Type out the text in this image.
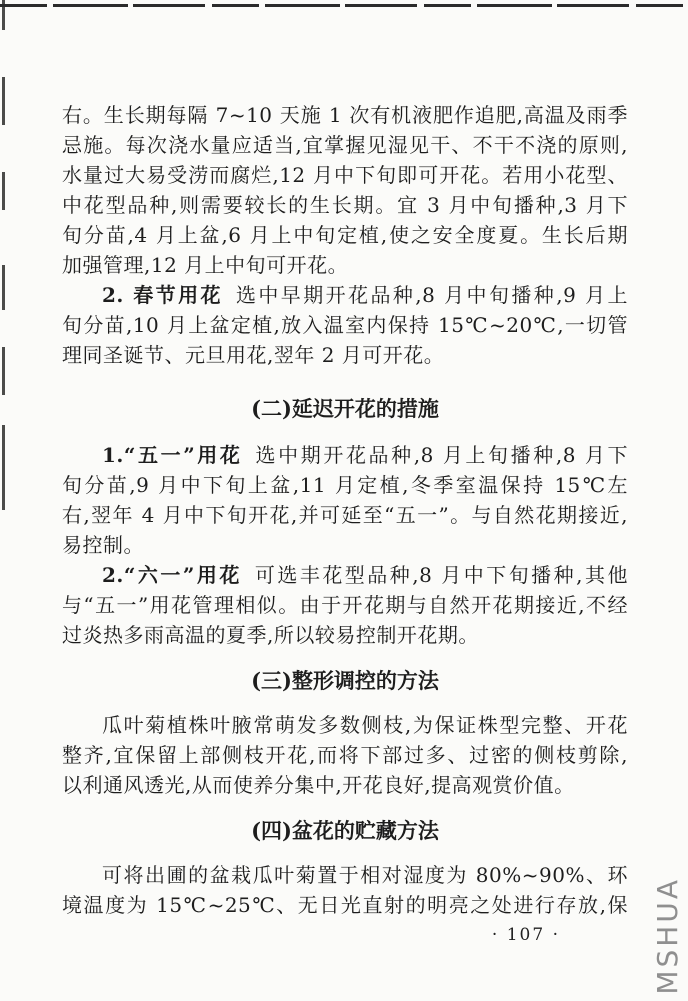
右。生长期每隔 7~10 天施 1 次有机液肥作追肥,高温及雨季
忌施。每次浇水量应适当,宜掌握见湿见干、不干不浇的原则,
水量过大易受涝而腐烂,12 月中下旬即可开花。若用小花型、
中花型品种,则需要较长的生长期。宜 3 月中旬播种,3 月下
旬分苗,4 月上盆,6 月上中旬定植,使之安全度夏。生长后期
加强管理,12 月上中旬可开花。
2. 春节用花 选中早期开花品种,8 月中旬播种,9 月上
旬分苗,10 月上盆定植,放入温室内保持 15℃~20℃,一切管
理同圣诞节、元旦用花,翌年 2 月可开花。
(二)延迟开花的措施
1.“五一”用花 选中期开花品种,8 月上旬播种,8 月下
旬分苗,9 月中下旬上盆,11 月定植,冬季室温保持 15℃左
右,翌年 4 月中下旬开花,并可延至“五一”。与自然花期接近,
易控制。
2.“六一”用花 可选丰花型品种,8 月中下旬播种,其他
与“五一”用花管理相似。由于开花期与自然开花期接近,不经
过炎热多雨高温的夏季,所以较易控制开花期。
(三)整形调控的方法
瓜叶菊植株叶腋常萌发多数侧枝,为保证株型完整、开花
整齐,宜保留上部侧枝开花,而将下部过多、过密的侧枝剪除,
以利通风透光,从而使养分集中,开花良好,提高观赏价值。
(四)盆花的贮藏方法
可将出圃的盆栽瓜叶菊置于相对湿度为 80%~90%、环
境温度为 15℃~25℃、无日光直射的明亮之处进行存放,保
· 107 ·	MSHUA
